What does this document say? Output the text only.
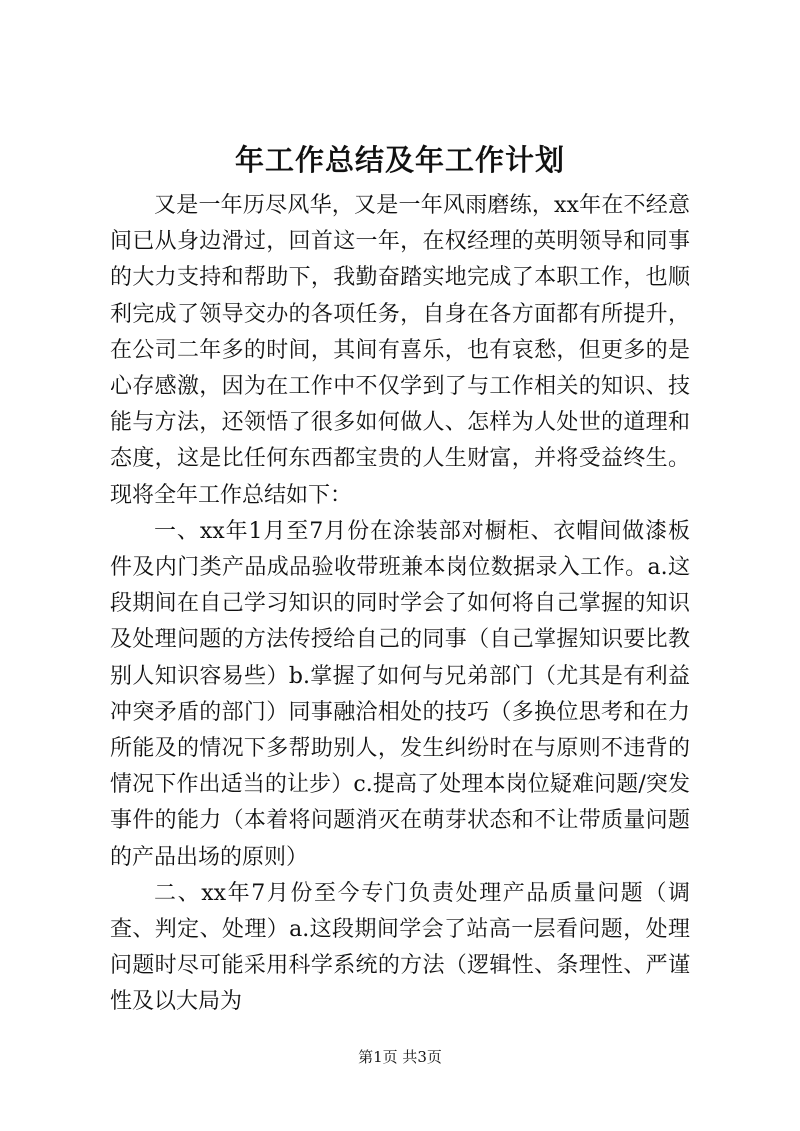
年工作总结及年工作计划

又是一年历尽风华，又是一年风雨磨练，xx年在不经意间已从身边滑过，回首这一年，在权经理的英明领导和同事的大力支持和帮助下，我勤奋踏实地完成了本职工作，也顺利完成了领导交办的各项任务，自身在各方面都有所提升，在公司二年多的时间，其间有喜乐，也有哀愁，但更多的是心存感激，因为在工作中不仅学到了与工作相关的知识、技能与方法，还领悟了很多如何做人、怎样为人处世的道理和态度，这是比任何东西都宝贵的人生财富，并将受益终生。现将全年工作总结如下：

一、xx年1月至7月份在涂装部对橱柜、衣帽间做漆板件及内门类产品成品验收带班兼本岗位数据录入工作。a.这段期间在自己学习知识的同时学会了如何将自己掌握的知识及处理问题的方法传授给自己的同事（自己掌握知识要比教别人知识容易些）b.掌握了如何与兄弟部门（尤其是有利益冲突矛盾的部门）同事融洽相处的技巧（多换位思考和在力所能及的情况下多帮助别人，发生纠纷时在与原则不违背的情况下作出适当的让步）c.提高了处理本岗位疑难问题/突发事件的能力（本着将问题消灭在萌芽状态和不让带质量问题的产品出场的原则）

二、xx年7月份至今专门负责处理产品质量问题（调查、判定、处理）a.这段期间学会了站高一层看问题，处理问题时尽可能采用科学系统的方法（逻辑性、条理性、严谨性及以大局为

第1页 共3页
